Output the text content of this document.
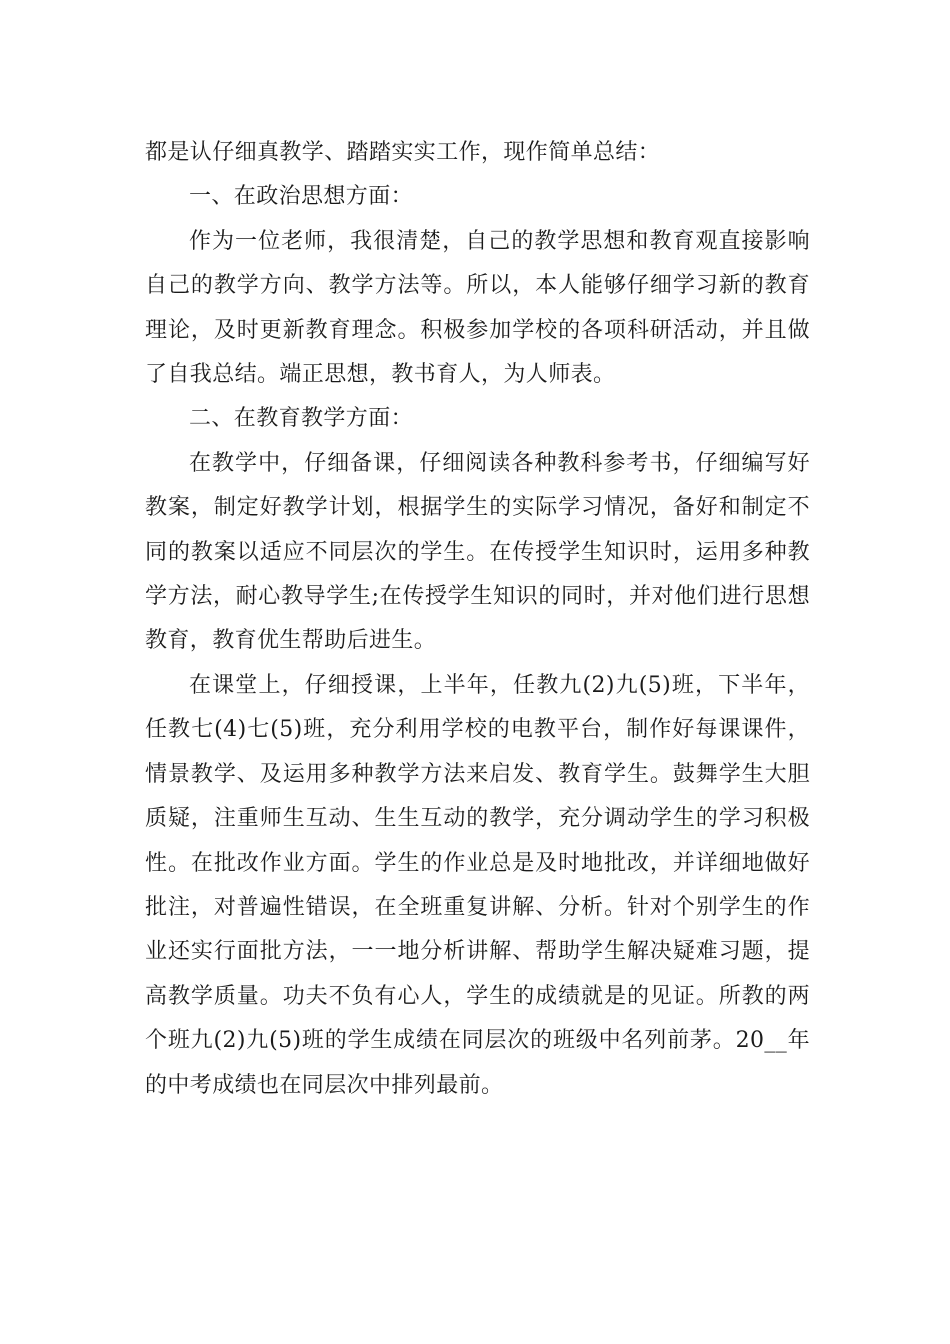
都是认仔细真教学、踏踏实实工作，现作简单总结：
一、在政治思想方面：
作为一位老师，我很清楚，自己的教学思想和教育观直接影响
自己的教学方向、教学方法等。所以，本人能够仔细学习新的教育
理论，及时更新教育理念。积极参加学校的各项科研活动，并且做
了自我总结。端正思想，教书育人，为人师表。
二、在教育教学方面：
在教学中，仔细备课，仔细阅读各种教科参考书，仔细编写好
教案，制定好教学计划，根据学生的实际学习情况，备好和制定不
同的教案以适应不同层次的学生。在传授学生知识时，运用多种教
学方法，耐心教导学生;在传授学生知识的同时，并对他们进行思想
教育，教育优生帮助后进生。
在课堂上，仔细授课，上半年，任教九(2)九(5)班，下半年，
任教七(4)七(5)班，充分利用学校的电教平台，制作好每课课件，
情景教学、及运用多种教学方法来启发、教育学生。鼓舞学生大胆
质疑，注重师生互动、生生互动的教学，充分调动学生的学习积极
性。在批改作业方面。学生的作业总是及时地批改，并详细地做好
批注，对普遍性错误，在全班重复讲解、分析。针对个别学生的作
业还实行面批方法，一一地分析讲解、帮助学生解决疑难习题，提
高教学质量。功夫不负有心人，学生的成绩就是的见证。所教的两
个班九(2)九(5)班的学生成绩在同层次的班级中名列前茅。20__年
的中考成绩也在同层次中排列最前。
